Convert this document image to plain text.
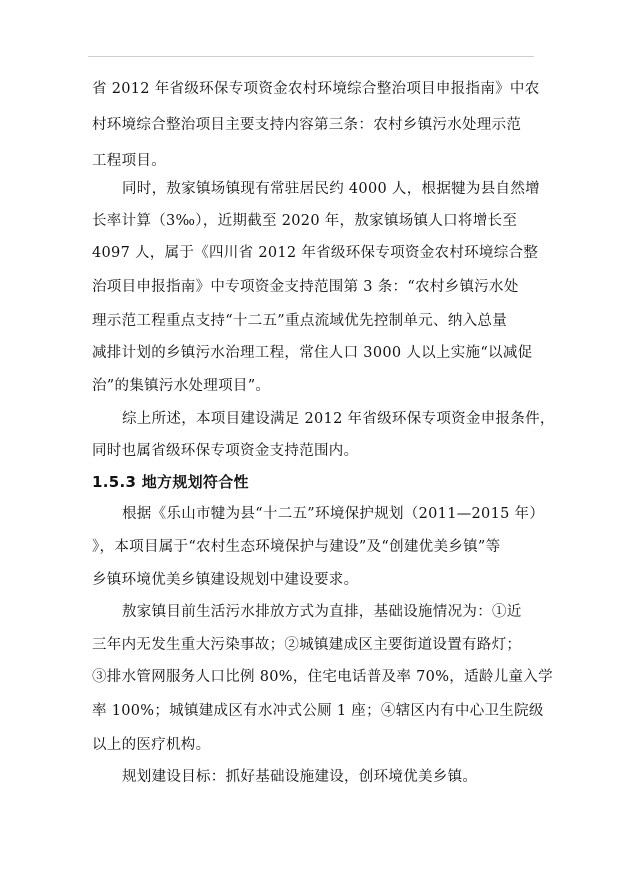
省 2012 年省级环保专项资金农村环境综合整治项目申报指南》中农
村环境综合整治项目主要支持内容第三条：农村乡镇污水处理示范
工程项目。
同时，敖家镇场镇现有常驻居民约 4000 人，根据犍为县自然增
长率计算（3‰），近期截至 2020 年，敖家镇场镇人口将增长至
4097 人，属于《四川省 2012 年省级环保专项资金农村环境综合整
治项目申报指南》中专项资金支持范围第 3 条：“农村乡镇污水处
理示范工程重点支持“十二五”重点流域优先控制单元、纳入总量
减排计划的乡镇污水治理工程，常住人口 3000 人以上实施“以减促
治”的集镇污水处理项目”。
综上所述，本项目建设满足 2012 年省级环保专项资金申报条件，
同时也属省级环保专项资金支持范围内。
1.5.3 地方规划符合性
根据《乐山市犍为县“十二五”环境保护规划（2011—2015 年）
》，本项目属于“农村生态环境保护与建设”及“创建优美乡镇”等
乡镇环境优美乡镇建设规划中建设要求。
敖家镇目前生活污水排放方式为直排，基础设施情况为：①近
三年内无发生重大污染事故；②城镇建成区主要街道设置有路灯；
③排水管网服务人口比例 80%，住宅电话普及率 70%，适龄儿童入学
率 100%；城镇建成区有水冲式公厕 1 座；④辖区内有中心卫生院级
以上的医疗机构。
规划建设目标：抓好基础设施建设，创环境优美乡镇。
